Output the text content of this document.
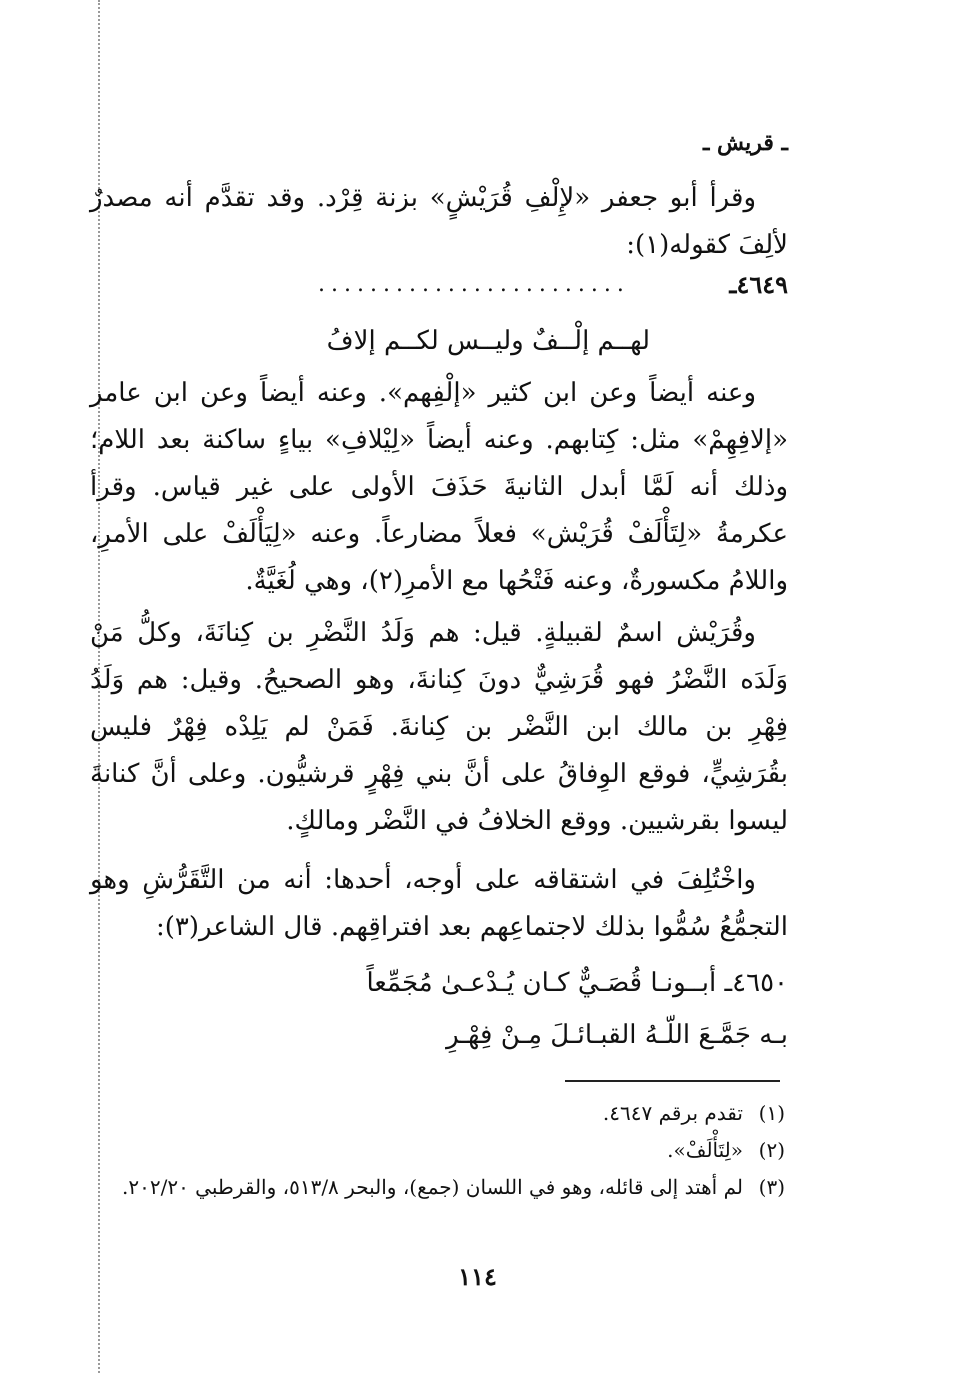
ـ قريش ـ

وقرأ أبو جعفر «لإِلْفِ قُرَيْشٍ» بزنة قِرْد. وقد تقدَّم أنه مصدرٌ لألِفَ كقوله(١):

٤٦٤٩ـ
........................
لهــم إلْــفٌ وليــس لكــم إلافُ

وعنه أيضاً وعن ابن كثير «إلْفِهم». وعنه أيضاً وعن ابن عامر «إلافِهِمْ» مثل: كِتابهم. وعنه أيضاً «لِيْلافِ» بياءٍ ساكنة بعد اللام؛ وذلك أنه لَمَّا أبدل الثانيةَ حَذَفَ الأولى على غير قياس. وقرأ عكرمةُ «لِتَأْلَفْ قُرَيْش» فعلاً مضارعاً. وعنه «لِيَأْلَفْ على الأمرِ، واللامُ مكسورةٌ، وعنه فَتْحُها مع الأمرِ(٢)، وهي لُغَيَّةٌ.

وقُرَيْش اسمٌ لقبيلةٍ. قيل: هم وَلَدُ النَّضْرِ بن كِنانَةَ، وكلُّ مَنْ وَلَدَه النَّضْرُ فهو قُرَشِيٌّ دونَ كِنانةَ، وهو الصحيحُ. وقيل: هم وَلَدُ فِهْرِ بن مالك ابن النَّضْر بن كِنانةَ. فَمَنْ لم يَلِدْه فِهْرٌ فليس بقُرَشِيٍّ، فوقع الوِفاقُ على أنَّ بني فِهْرٍ قرشيُّون. وعلى أنَّ كنانةَ ليسوا بقرشيين. ووقع الخلافُ في النَّضْر ومالكٍ.

واخْتُلِفَ في اشتقاقه على أوجه، أحدها: أنه من التَّقَرُّشِ وهو التجمُّعُ سُمُّوا بذلك لاجتماعِهم بعد افتراقِهم. قال الشاعر(٣):

٤٦٥٠ـ أبــونـا قُصَـيٌّ كـان يُـدْعـىٰ مُجَمِّعاً
بـه جَمَّـعَ اللّـهُ القبـائـلَ مِـنْ فِهْـرِ

(١)
تقدم برقم ٤٦٤٧.

(٢)
«لِتَأْلَفْ».

(٣)
لم أهتد إلى قائله، وهو في اللسان (جمع)، والبحر ٥١٣/٨، والقرطبي ٢٠٢/٢٠.

١١٤
